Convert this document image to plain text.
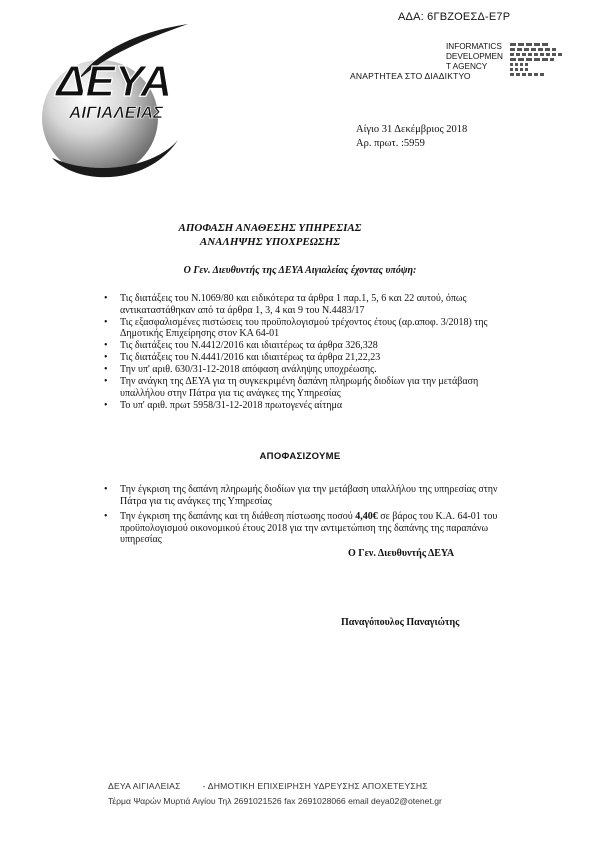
ΑΔΑ: 6ΓΒΖΟΕΣΔ-Ε7Ρ
ΔΕΥΑ
ΑΙΓΙΑΛΕΙΑΣ
INFORMATICS
DEVELOPMEN
T AGENCY
ΑΝΑΡΤΗΤΕΑ ΣΤΟ ΔΙΑΔΙΚΤΥΟ
Αίγιο 31 Δεκέμβριος 2018
Αρ. πρωτ. :5959
ΑΠΟΦΑΣΗ ΑΝΑΘΕΣΗΣ ΥΠΗΡΕΣΙΑΣ
ΑΝΑΛΗΨΗΣ ΥΠΟΧΡΕΩΣΗΣ
Ο Γεν. Διευθυντής της ΔΕΥΑ Αιγιαλείας έχοντας υπόψη:
• Τις διατάξεις του Ν.1069/80 και ειδικότερα τα άρθρα 1 παρ.1, 5, 6 και 22 αυτού, όπως αντικαταστάθηκαν από τα άρθρα 1, 3, 4 και 9 του Ν.4483/17
• Τις εξασφαλισμένες πιστώσεις του προϋπολογισμού τρέχοντος έτους (αρ.αποφ. 3/2018) της Δημοτικής Επιχείρησης στον ΚΑ 64-01
• Τις διατάξεις του Ν.4412/2016 και ιδιαιτέρως τα άρθρα 326,328
• Τις διατάξεις του Ν.4441/2016 και ιδιαιτέρως τα άρθρα 21,22,23
• Την υπ' αριθ. 630/31-12-2018 απόφαση ανάληψης υποχρέωσης.
• Την ανάγκη της ΔΕΥΑ για τη συγκεκριμένη δαπάνη πληρωμής διοδίων για την μετάβαση υπαλλήλου στην Πάτρα για τις ανάγκες της Υπηρεσίας
• Το υπ' αριθ. πρωτ 5958/31-12-2018 πρωτογενές αίτημα
ΑΠΟΦΑΣΙΖΟΥΜΕ
• Την έγκριση της δαπάνη πληρωμής διοδίων για την μετάβαση υπαλλήλου της υπηρεσίας στην Πάτρα για τις ανάγκες της Υπηρεσίας
• Την έγκριση της δαπάνης και τη διάθεση πίστωσης ποσού 4,40€ σε βάρος του Κ.Α. 64-01 του προϋπολογισμού οικονομικού έτους 2018 για την αντιμετώπιση της δαπάνης της παραπάνω υπηρεσίας
Ο Γεν. Διευθυντής ΔΕΥΑ
Παναγόπουλος Παναγιώτης
ΔΕΥΑ ΑΙΓΙΑΛΕΙΑΣ	- ΔΗΜΟΤΙΚΗ ΕΠΙΧΕΙΡΗΣΗ ΥΔΡΕΥΣΗΣ ΑΠΟΧΕΤΕΥΣΗΣ
Τέρμα Ψαρών Μυρτιά Αιγίου Τηλ 2691021526 fax 2691028066 email deya02@otenet.gr
